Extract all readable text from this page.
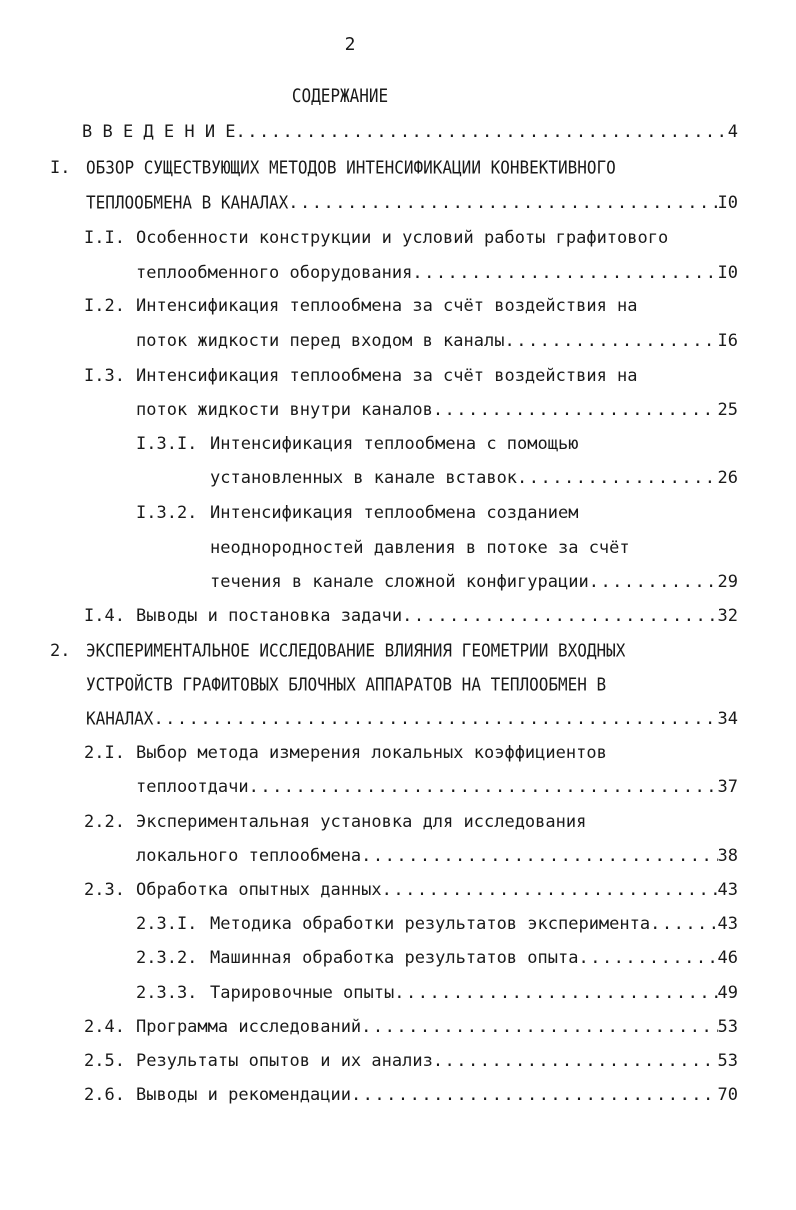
2
СОДЕРЖАНИЕ
В В Е Д Е Н И Е .....	4
I. ОБЗОР СУЩЕСТВУЮЩИХ МЕТОДОВ ИНТЕНСИФИКАЦИИ КОНВЕКТИВНОГО
ТЕПЛООБМЕНА В КАНАЛАХ .....	I0
I.I. Особенности конструкции и условий работы графитового
теплообменного оборудования .....	I0
I.2. Интенсификация теплообмена за счёт воздействия на
поток жидкости перед входом в каналы .....	I6
I.3. Интенсификация теплообмена за счёт воздействия на
поток жидкости внутри каналов .....	25
I.3.I. Интенсификация теплообмена с помощью
установленных в канале вставок .....	26
I.3.2. Интенсификация теплообмена созданием
неоднородностей давления в потоке за счёт
течения в канале сложной конфигурации .....	29
I.4. Выводы и постановка задачи .....	32
2. ЭКСПЕРИМЕНТАЛЬНОЕ ИССЛЕДОВАНИЕ ВЛИЯНИЯ ГЕОМЕТРИИ ВХОДНЫХ
УСТРОЙСТВ ГРАФИТОВЫХ БЛОЧНЫХ АППАРАТОВ НА ТЕПЛООБМЕН В
КАНАЛАХ .....	34
2.I. Выбор метода измерения локальных коэффициентов
теплоотдачи .....	37
2.2. Экспериментальная установка для исследования
локального теплообмена .....	38
2.3. Обработка опытных данных .....	43
2.3.I. Методика обработки результатов эксперимента .....	43
2.3.2. Машинная обработка результатов опыта .....	46
2.3.3. Тарировочные опыты .....	49
2.4. Программа исследований .....	53
2.5. Результаты опытов и их анализ .....	53
2.6. Выводы и рекомендации .....	70
